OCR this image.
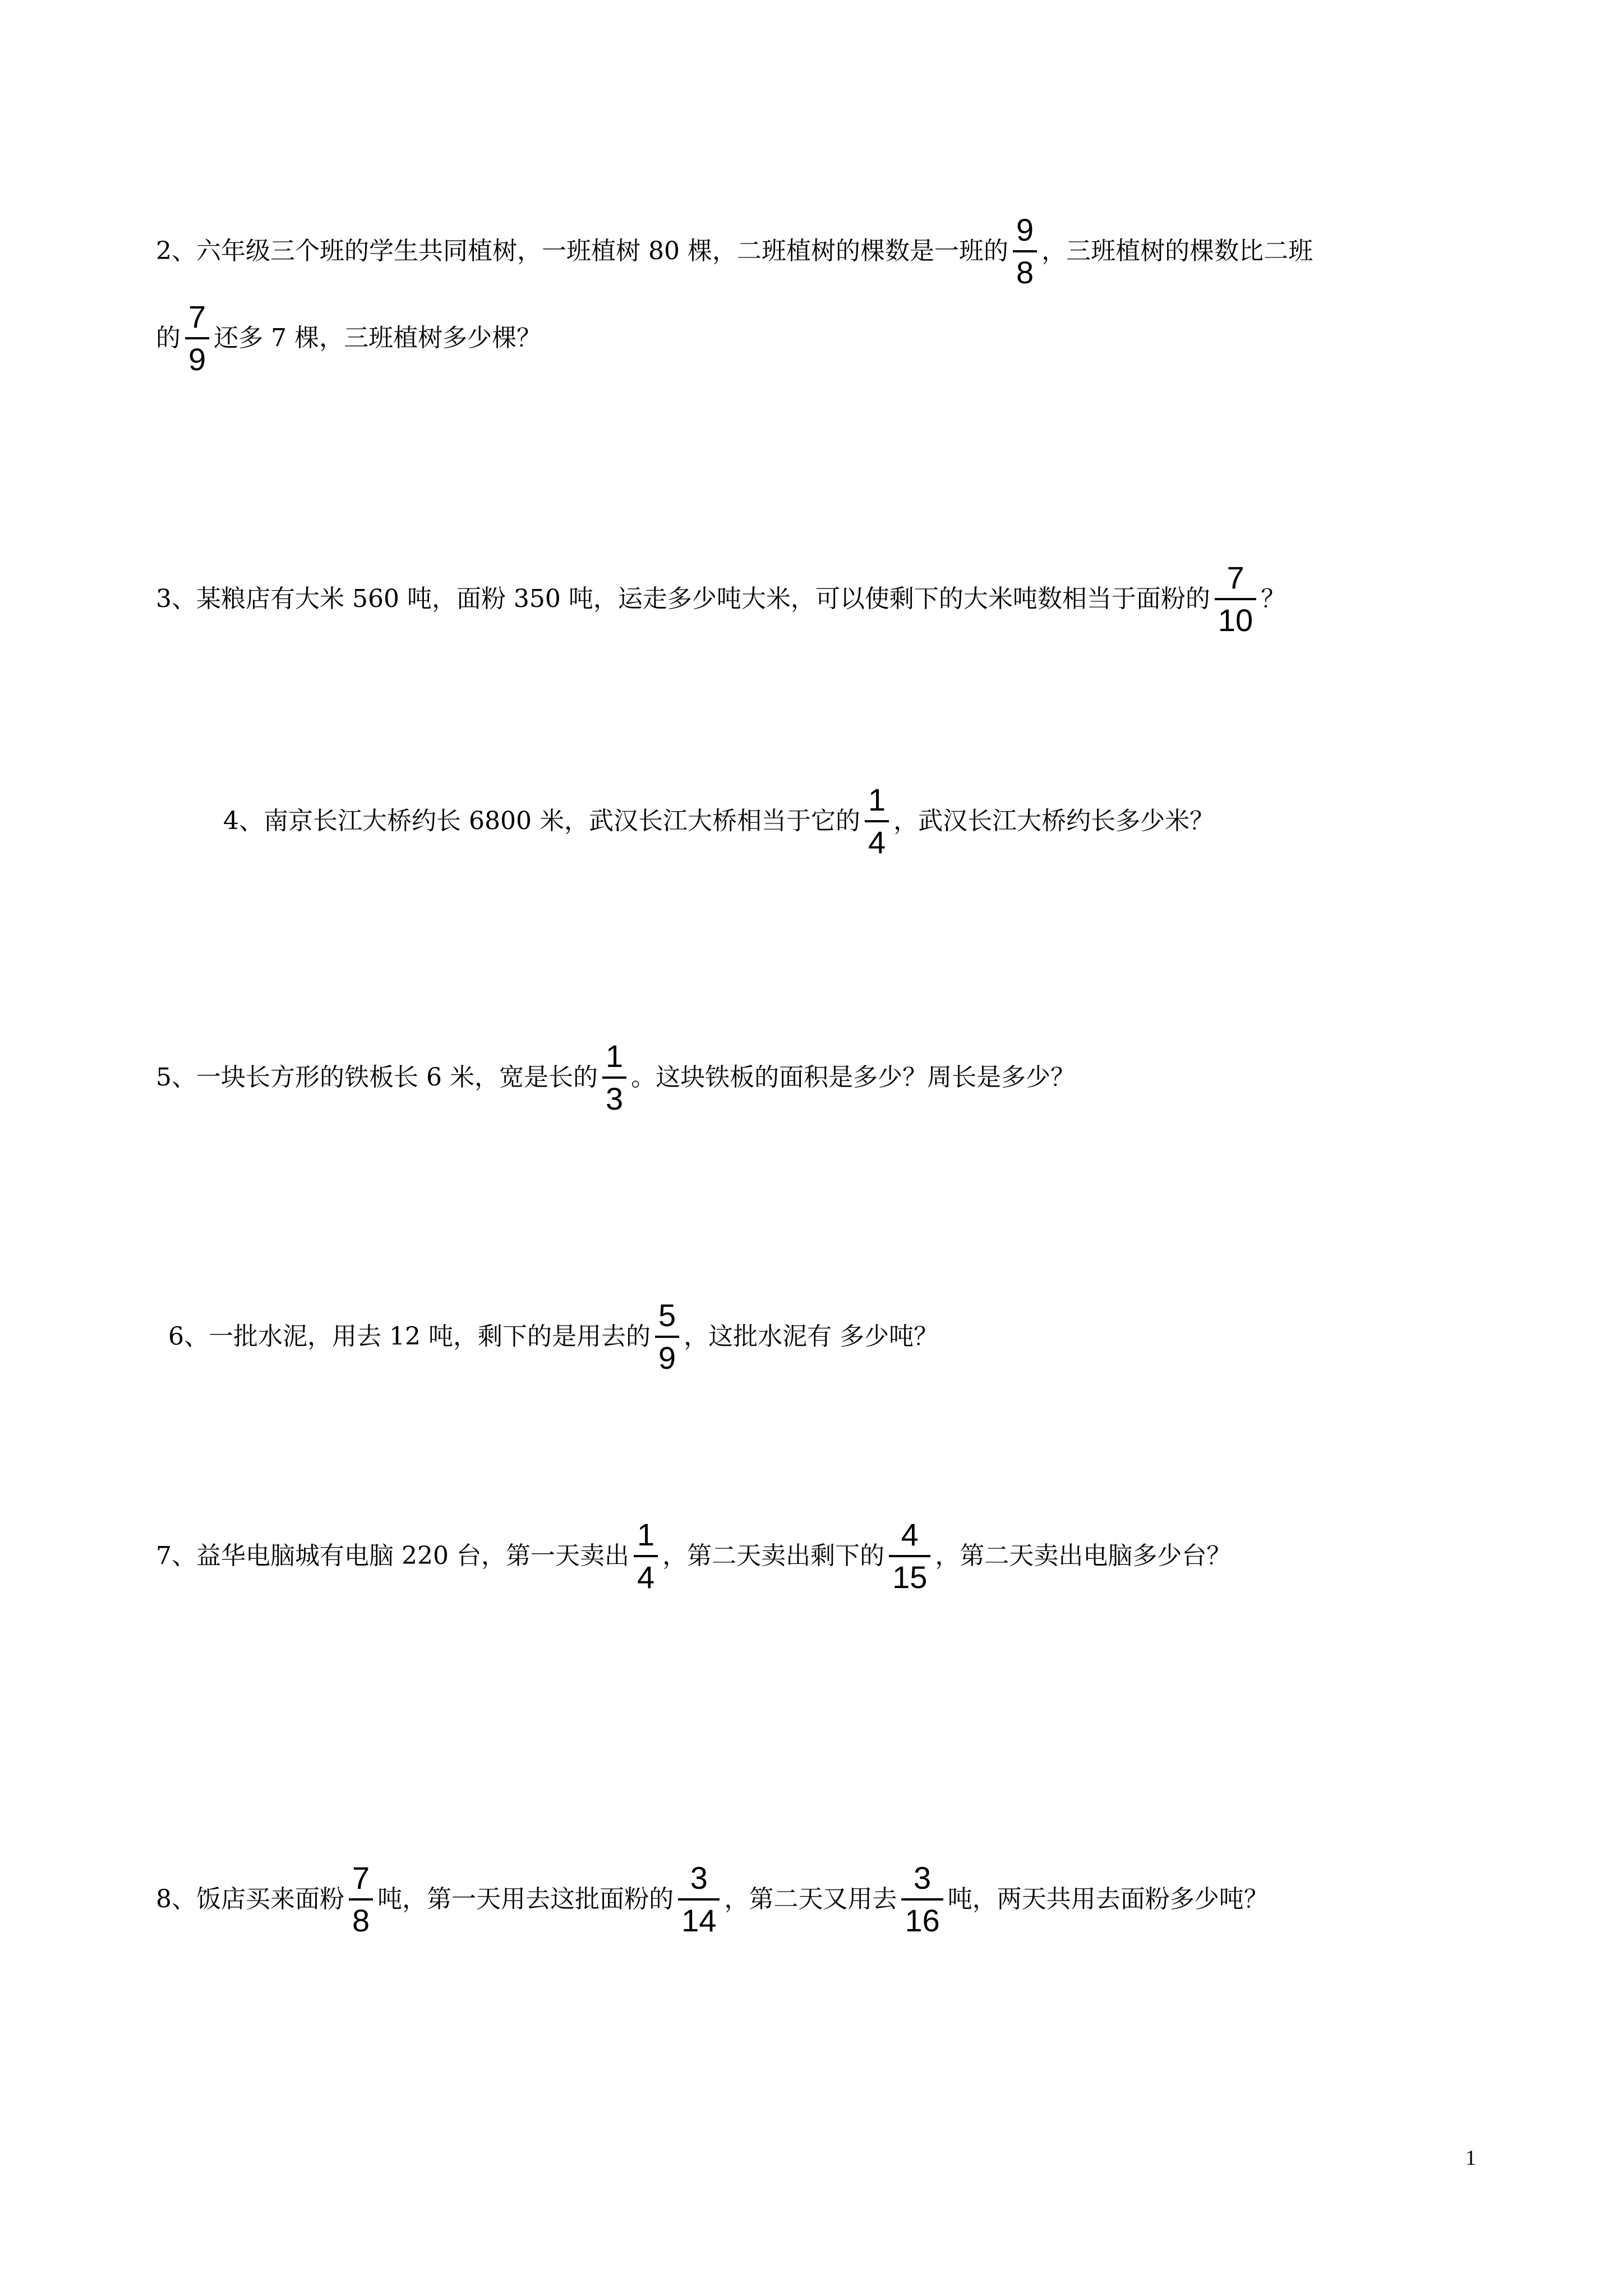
2、六年级三个班的学生共同植树，一班植树 80 棵，二班植树的棵数是一班的 $\frac{9}{8}$ ，三班植树的棵数比二班
的 $\frac{7}{9}$ 还多 7 棵，三班植树多少棵？
3、某粮店有大米 560 吨，面粉 350 吨，运走多少吨大米，可以使剩下的大米吨数相当于面粉的 $\frac{7}{10}$ ？
4、南京长江大桥约长 6800 米，武汉长江大桥相当于它的 $\frac{1}{4}$ ，武汉长江大桥约长多少米？
5、一块长方形的铁板长 6 米，宽是长的 $\frac{1}{3}$ 。这块铁板的面积是多少？周长是多少？
6、一批水泥，用去 12 吨，剩下的是用去的 $\frac{5}{9}$ ，这批水泥有 多少吨？
7、益华电脑城有电脑 220 台，第一天卖出 $\frac{1}{4}$ ，第二天卖出剩下的 $\frac{4}{15}$ ，第二天卖出电脑多少台？
8、饭店买来面粉 $\frac{7}{8}$ 吨，第一天用去这批面粉的 $\frac{3}{14}$ ，第二天又用去 $\frac{3}{16}$ 吨，两天共用去面粉多少吨？
1
